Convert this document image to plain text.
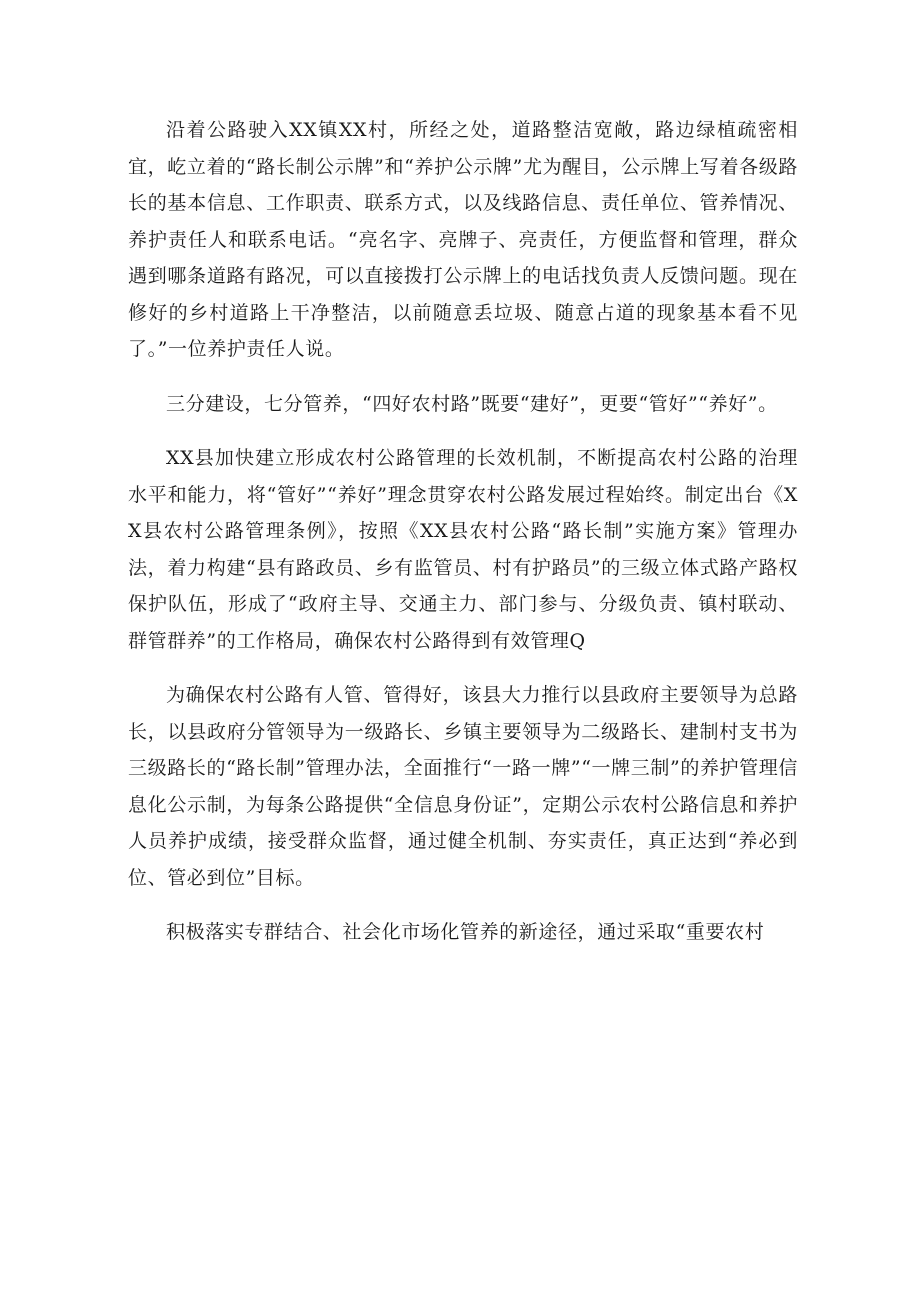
沿着公路驶入XX镇XX村，所经之处，道路整洁宽敞，路边绿植疏密相宜，屹立着的“路长制公示牌”和“养护公示牌”尤为醒目，公示牌上写着各级路长的基本信息、工作职责、联系方式，以及线路信息、责任单位、管养情况、养护责任人和联系电话。“亮名字、亮牌子、亮责任，方便监督和管理，群众遇到哪条道路有路况，可以直接拨打公示牌上的电话找负责人反馈问题。现在修好的乡村道路上干净整洁，以前随意丢垃圾、随意占道的现象基本看不见了。”一位养护责任人说。

三分建设，七分管养，“四好农村路”既要“建好”，更要“管好”“养好”。

XX县加快建立形成农村公路管理的长效机制，不断提高农村公路的治理水平和能力，将“管好”“养好”理念贯穿农村公路发展过程始终。制定出台《XX县农村公路管理条例》，按照《XX县农村公路“路长制”实施方案》管理办法，着力构建“县有路政员、乡有监管员、村有护路员”的三级立体式路产路权保护队伍，形成了“政府主导、交通主力、部门参与、分级负责、镇村联动、群管群养”的工作格局，确保农村公路得到有效管理Q

为确保农村公路有人管、管得好，该县大力推行以县政府主要领导为总路长，以县政府分管领导为一级路长、乡镇主要领导为二级路长、建制村支书为三级路长的“路长制”管理办法，全面推行“一路一牌”“一牌三制”的养护管理信息化公示制，为每条公路提供“全信息身份证”，定期公示农村公路信息和养护人员养护成绩，接受群众监督，通过健全机制、夯实责任，真正达到“养必到位、管必到位”目标。

积极落实专群结合、社会化市场化管养的新途径，通过采取“重要农村
